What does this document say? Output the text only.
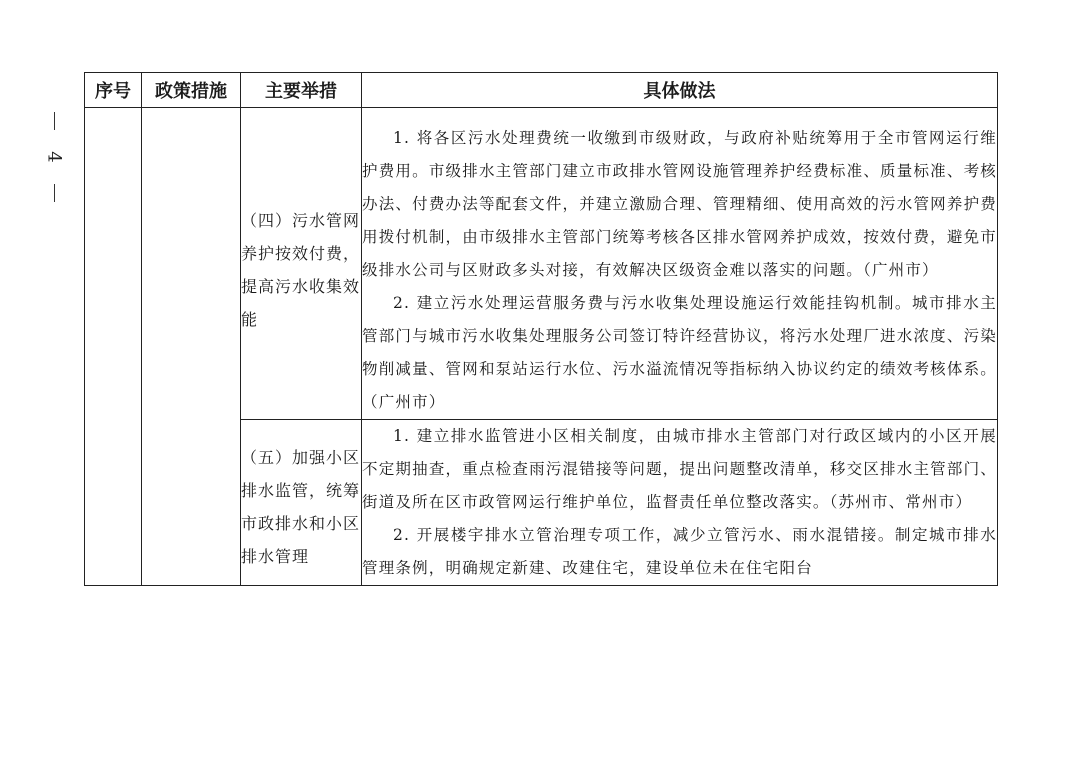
4
序号	政策措施	主要举措	具体做法
		（四）污水管网养护按效付费，提高污水收集效能	1. 将各区污水处理费统一收缴到市级财政，与政府补贴统筹用于全市管网运行维护费用。市级排水主管部门建立市政排水管网设施管理养护经费标准、质量标准、考核办法、付费办法等配套文件，并建立激励合理、管理精细、使用高效的污水管网养护费用拨付机制，由市级排水主管部门统筹考核各区排水管网养护成效，按效付费，避免市级排水公司与区财政多头对接，有效解决区级资金难以落实的问题。（广州市）

2. 建立污水处理运营服务费与污水收集处理设施运行效能挂钩机制。城市排水主管部门与城市污水收集处理服务公司签订特许经营协议，将污水处理厂进水浓度、污染物削减量、管网和泵站运行水位、污水溢流情况等指标纳入协议约定的绩效考核体系。（广州市）

		（五）加强小区排水监管，统筹市政排水和小区排水管理	1. 建立排水监管进小区相关制度，由城市排水主管部门对行政区域内的小区开展不定期抽查，重点检查雨污混错接等问题，提出问题整改清单，移交区排水主管部门、街道及所在区市政管网运行维护单位，监督责任单位整改落实。（苏州市、常州市）

2. 开展楼宇排水立管治理专项工作，减少立管污水、雨水混错接。制定城市排水管理条例，明确规定新建、改建住宅，建设单位未在住宅阳台
